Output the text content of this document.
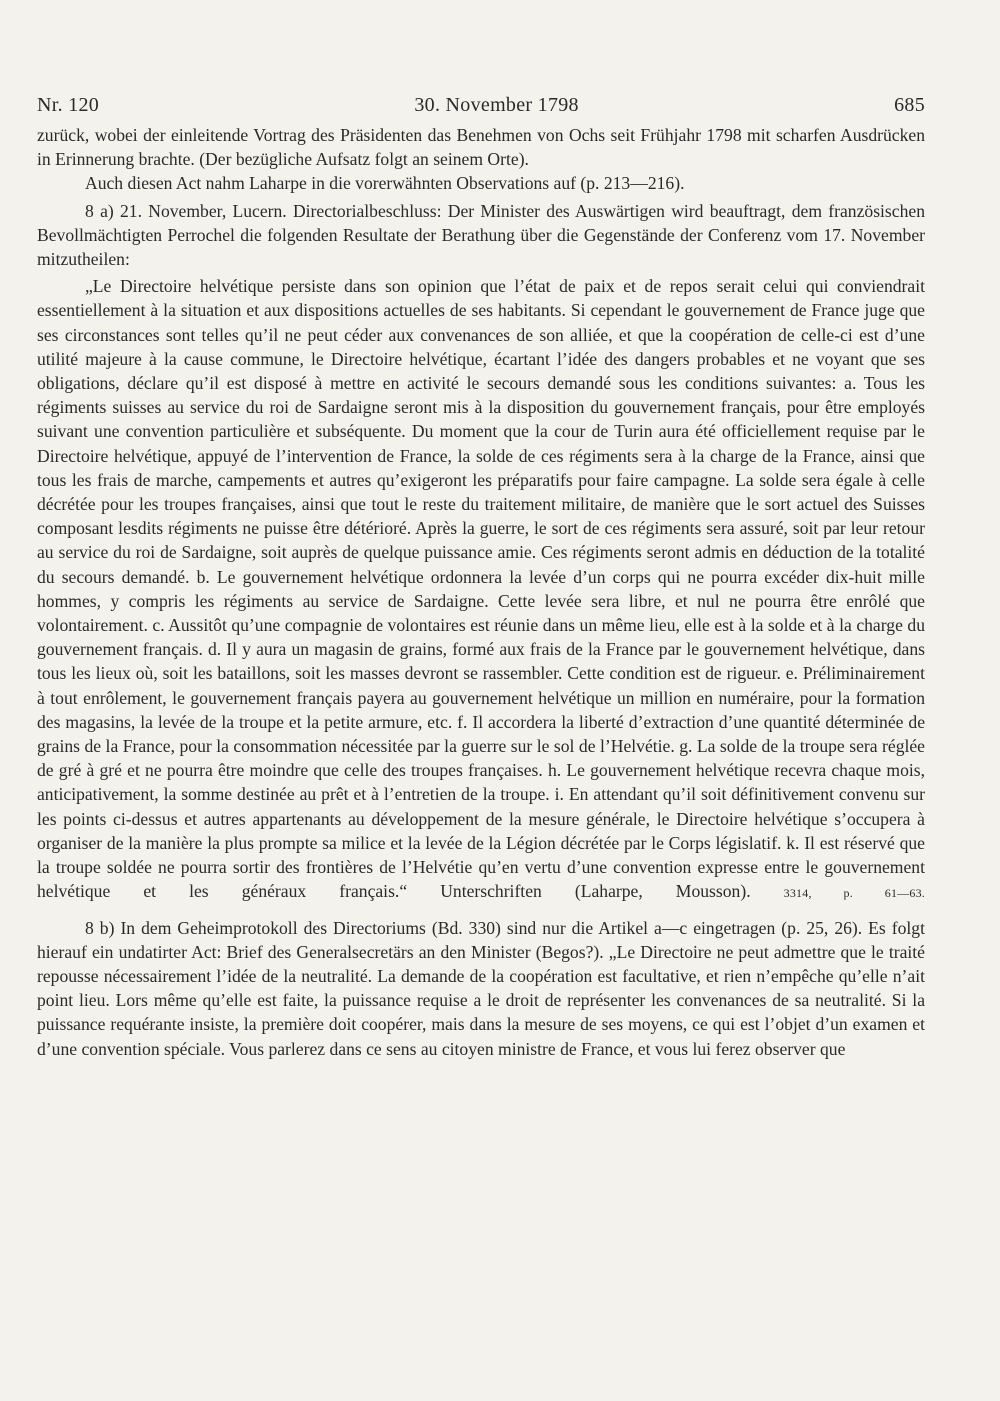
Nr. 120	30. November 1798	685

zurück, wobei der einleitende Vortrag des Präsidenten das Benehmen von Ochs seit Frühjahr 1798 mit scharfen Ausdrücken in Erinnerung brachte. (Der bezügliche Aufsatz folgt an seinem Orte).

Auch diesen Act nahm Laharpe in die vorerwähnten Observations auf (p. 213—216).

8 a) 21. November, Lucern. Directorialbeschluss: Der Minister des Auswärtigen wird beauftragt, dem französischen Bevollmächtigten Perrochel die folgenden Resultate der Berathung über die Gegenstände der Conferenz vom 17. November mitzutheilen:

„Le Directoire helvétique persiste dans son opinion que l’état de paix et de repos serait celui qui conviendrait essentiellement à la situation et aux dispositions actuelles de ses habitants. Si cependant le gouvernement de France juge que ses circonstances sont telles qu’il ne peut céder aux convenances de son alliée, et que la coopération de celle-ci est d’une utilité majeure à la cause commune, le Directoire helvétique, écartant l’idée des dangers probables et ne voyant que ses obligations, déclare qu’il est disposé à mettre en activité le secours demandé sous les conditions suivantes: a. Tous les régiments suisses au service du roi de Sardaigne seront mis à la disposition du gouvernement français, pour être employés suivant une convention particulière et subséquente. Du moment que la cour de Turin aura été officiellement requise par le Directoire helvétique, appuyé de l’intervention de France, la solde de ces régiments sera à la charge de la France, ainsi que tous les frais de marche, campements et autres qu’exigeront les préparatifs pour faire campagne. La solde sera égale à celle décrétée pour les troupes françaises, ainsi que tout le reste du traitement militaire, de manière que le sort actuel des Suisses composant lesdits régiments ne puisse être détérioré. Après la guerre, le sort de ces régiments sera assuré, soit par leur retour au service du roi de Sardaigne, soit auprès de quelque puissance amie. Ces régiments seront admis en déduction de la totalité du secours demandé. b. Le gouvernement helvétique ordonnera la levée d’un corps qui ne pourra excéder dix-huit mille hommes, y compris les régiments au service de Sardaigne. Cette levée sera libre, et nul ne pourra être enrôlé que volontairement. c. Aussitôt qu’une compagnie de volontaires est réunie dans un même lieu, elle est à la solde et à la charge du gouvernement français. d. Il y aura un magasin de grains, formé aux frais de la France par le gouvernement helvétique, dans tous les lieux où, soit les bataillons, soit les masses devront se rassembler. Cette condition est de rigueur. e. Préliminairement à tout enrôlement, le gouvernement français payera au gouvernement helvétique un million en numéraire, pour la formation des magasins, la levée de la troupe et la petite armure, etc. f. Il accordera la liberté d’extraction d’une quantité déterminée de grains de la France, pour la consommation nécessitée par la guerre sur le sol de l’Helvétie. g. La solde de la troupe sera réglée de gré à gré et ne pourra être moindre que celle des troupes françaises. h. Le gouvernement helvétique recevra chaque mois, anticipativement, la somme destinée au prêt et à l’entretien de la troupe. i. En attendant qu’il soit définitivement convenu sur les points ci-dessus et autres appartenants au développement de la mesure générale, le Directoire helvétique s’occupera à organiser de la manière la plus prompte sa milice et la levée de la Légion décrétée par le Corps législatif. k. Il est réservé que la troupe soldée ne pourra sortir des frontières de l’Helvétie qu’en vertu d’une convention expresse entre le gouvernement helvétique et les généraux français.“ Unterschriften (Laharpe, Mousson).	3314, p. 61—63.

8 b) In dem Geheimprotokoll des Directoriums (Bd. 330) sind nur die Artikel a—c eingetragen (p. 25, 26). Es folgt hierauf ein undatirter Act: Brief des Generalsecretärs an den Minister (Begos?). „Le Directoire ne peut admettre que le traité repousse nécessairement l’idée de la neutralité. La demande de la coopération est facultative, et rien n’empêche qu’elle n’ait point lieu. Lors même qu’elle est faite, la puissance requise a le droit de représenter les convenances de sa neutralité. Si la puissance requérante insiste, la première doit coopérer, mais dans la mesure de ses moyens, ce qui est l’objet d’un examen et d’une convention spéciale. Vous parlerez dans ce sens au citoyen ministre de France, et vous lui ferez observer que
